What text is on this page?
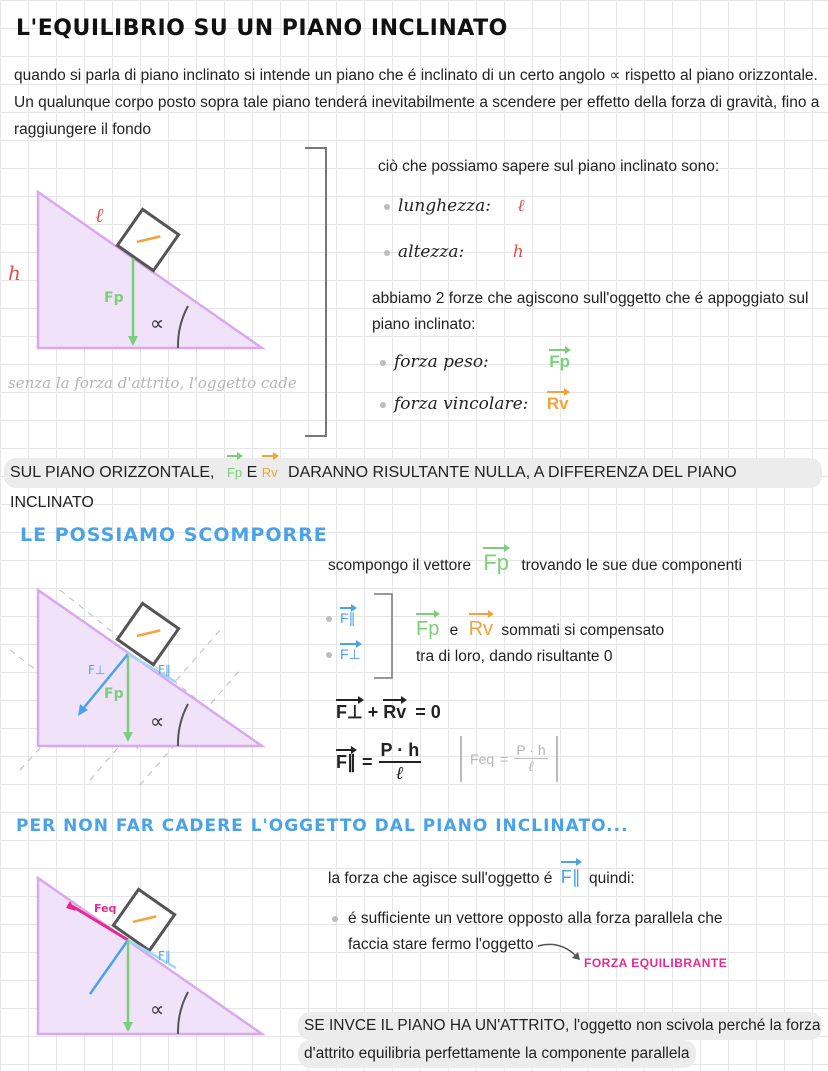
L'EQUILIBRIO SU UN PIANO INCLINATO
quando si parla di piano inclinato si intende un piano che é inclinato di un certo angolo ∝ rispetto al piano orizzontale. Un qualunque corpo posto sopra tale piano tenderá inevitabilmente a scendere per effetto della forza di gravità, fino a raggiungere il fondo
ℓ
h
Fp
∝
senza la forza d'attrito, l'oggetto cade
ciò che possiamo sapere sul piano inclinato sono:
lunghezza: ℓ
altezza:	h
abbiamo 2 forze che agiscono sull'oggetto che é appoggiato sul piano inclinato:
forza peso:	Fp
forza vincolare: Rv
SUL PIANO ORIZZONTALE, Fp E Rv DARANNO RISULTANTE NULLA, A DIFFERENZA DEL PIANO INCLINATO
LE POSSIAMO SCOMPORRE
F∥
F⊥
Fp
∝
scompongo il vettore Fp trovando le sue due componenti
F∥
F⊥
Fp e Rv sommati si compensato
tra di loro, dando risultante 0
F⊥ + Rv = 0
F∥ =
P · h
ℓ
Feq =
P · h
ℓ
PER NON FAR CADERE L'OGGETTO DAL PIANO INCLINATO...
Feq
F∥
∝
la forza che agisce sull'oggetto é F∥ quindi:
é sufficiente un vettore opposto alla forza parallela che faccia stare fermo l'oggetto
FORZA EQUILIBRANTE
SE INVCE IL PIANO HA UN'ATTRITO, l'oggetto non scivola perché la forza
d'attrito equilibria perfettamente la componente parallela
